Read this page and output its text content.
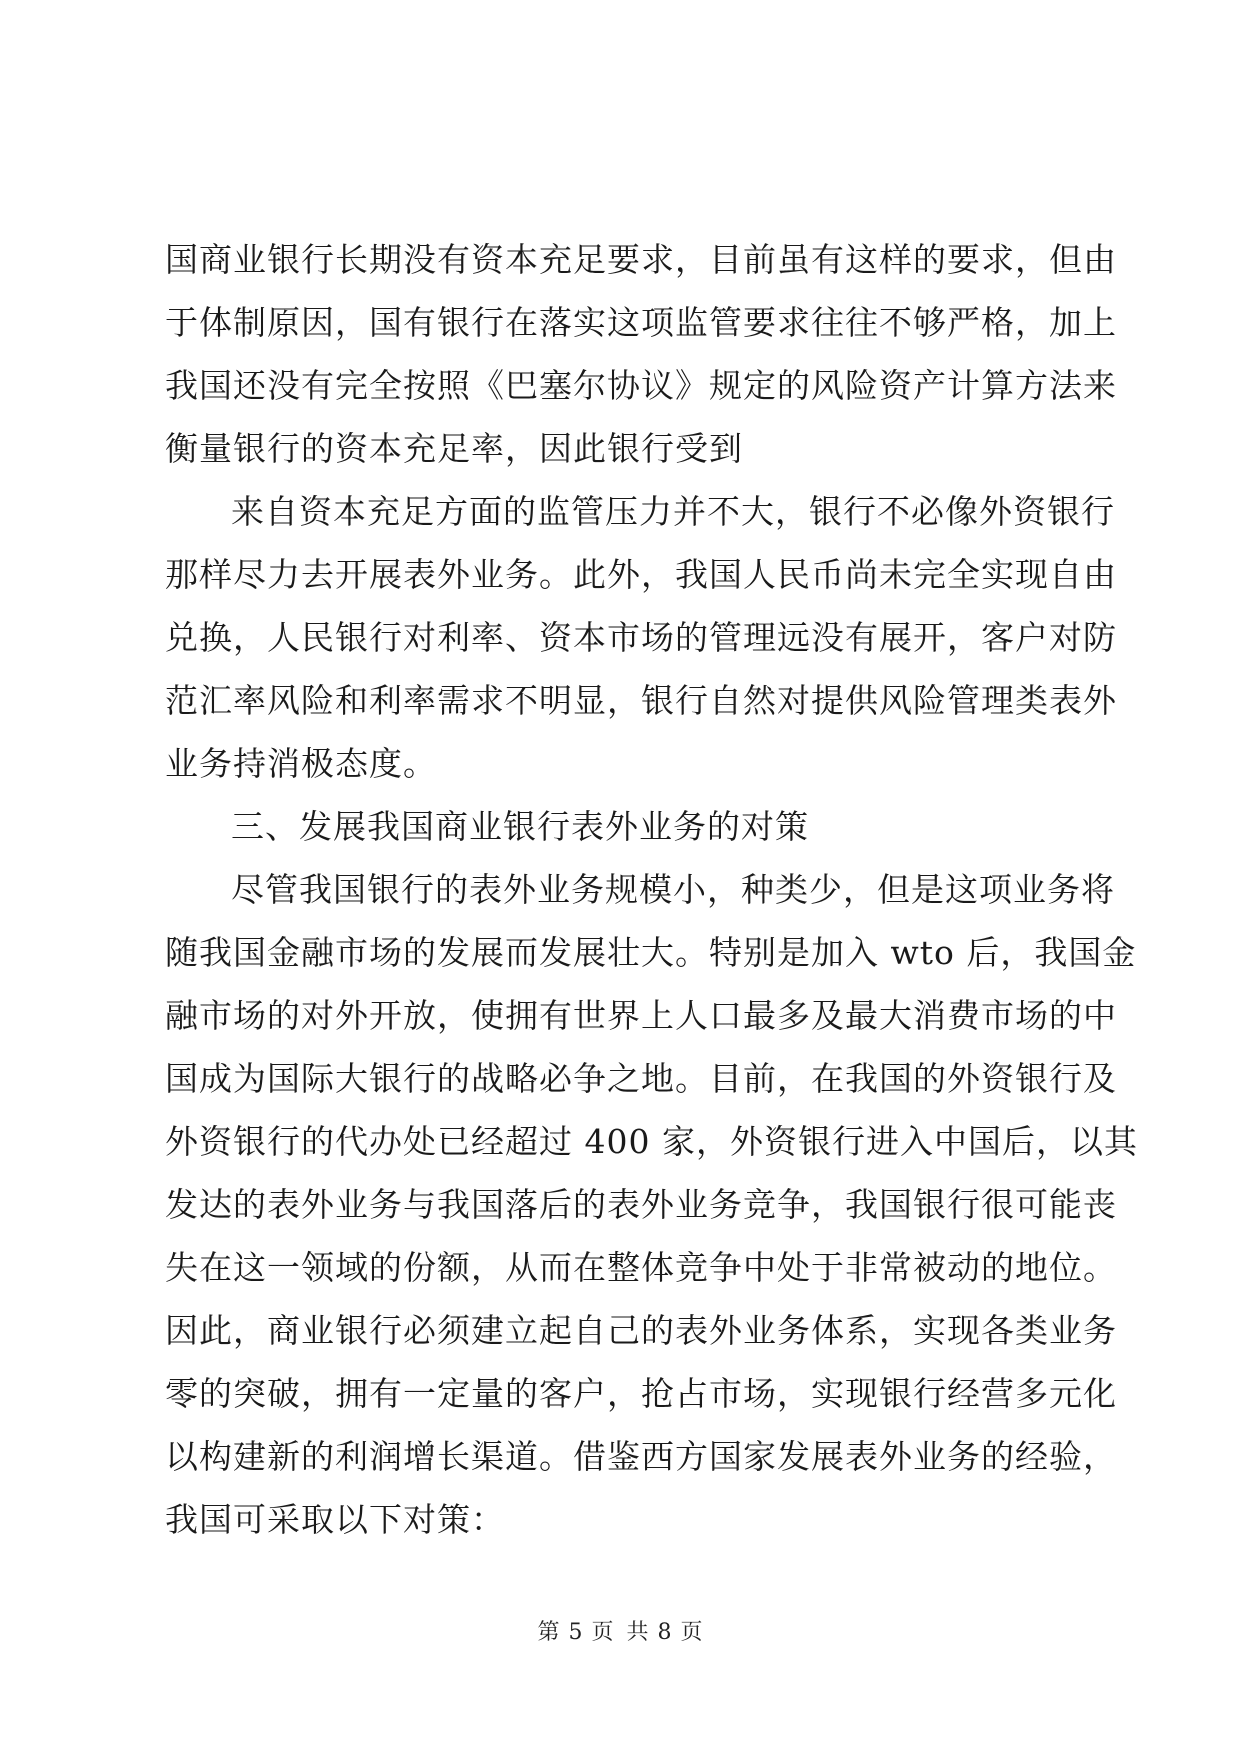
国商业银行长期没有资本充足要求，目前虽有这样的要求，但由
于体制原因，国有银行在落实这项监管要求往往不够严格，加上
我国还没有完全按照《巴塞尔协议》规定的风险资产计算方法来
衡量银行的资本充足率，因此银行受到

来自资本充足方面的监管压力并不大，银行不必像外资银行
那样尽力去开展表外业务。此外，我国人民币尚未完全实现自由
兑换，人民银行对利率、资本市场的管理远没有展开，客户对防
范汇率风险和利率需求不明显，银行自然对提供风险管理类表外
业务持消极态度。

三、发展我国商业银行表外业务的对策

尽管我国银行的表外业务规模小，种类少，但是这项业务将
随我国金融市场的发展而发展壮大。特别是加入 wto 后，我国金
融市场的对外开放，使拥有世界上人口最多及最大消费市场的中
国成为国际大银行的战略必争之地。目前，在我国的外资银行及
外资银行的代办处已经超过 400 家，外资银行进入中国后，以其
发达的表外业务与我国落后的表外业务竞争，我国银行很可能丧
失在这一领域的份额，从而在整体竞争中处于非常被动的地位。
因此，商业银行必须建立起自己的表外业务体系，实现各类业务
零的突破，拥有一定量的客户，抢占市场，实现银行经营多元化
以构建新的利润增长渠道。借鉴西方国家发展表外业务的经验，
我国可采取以下对策：

第 5 页 共 8 页
